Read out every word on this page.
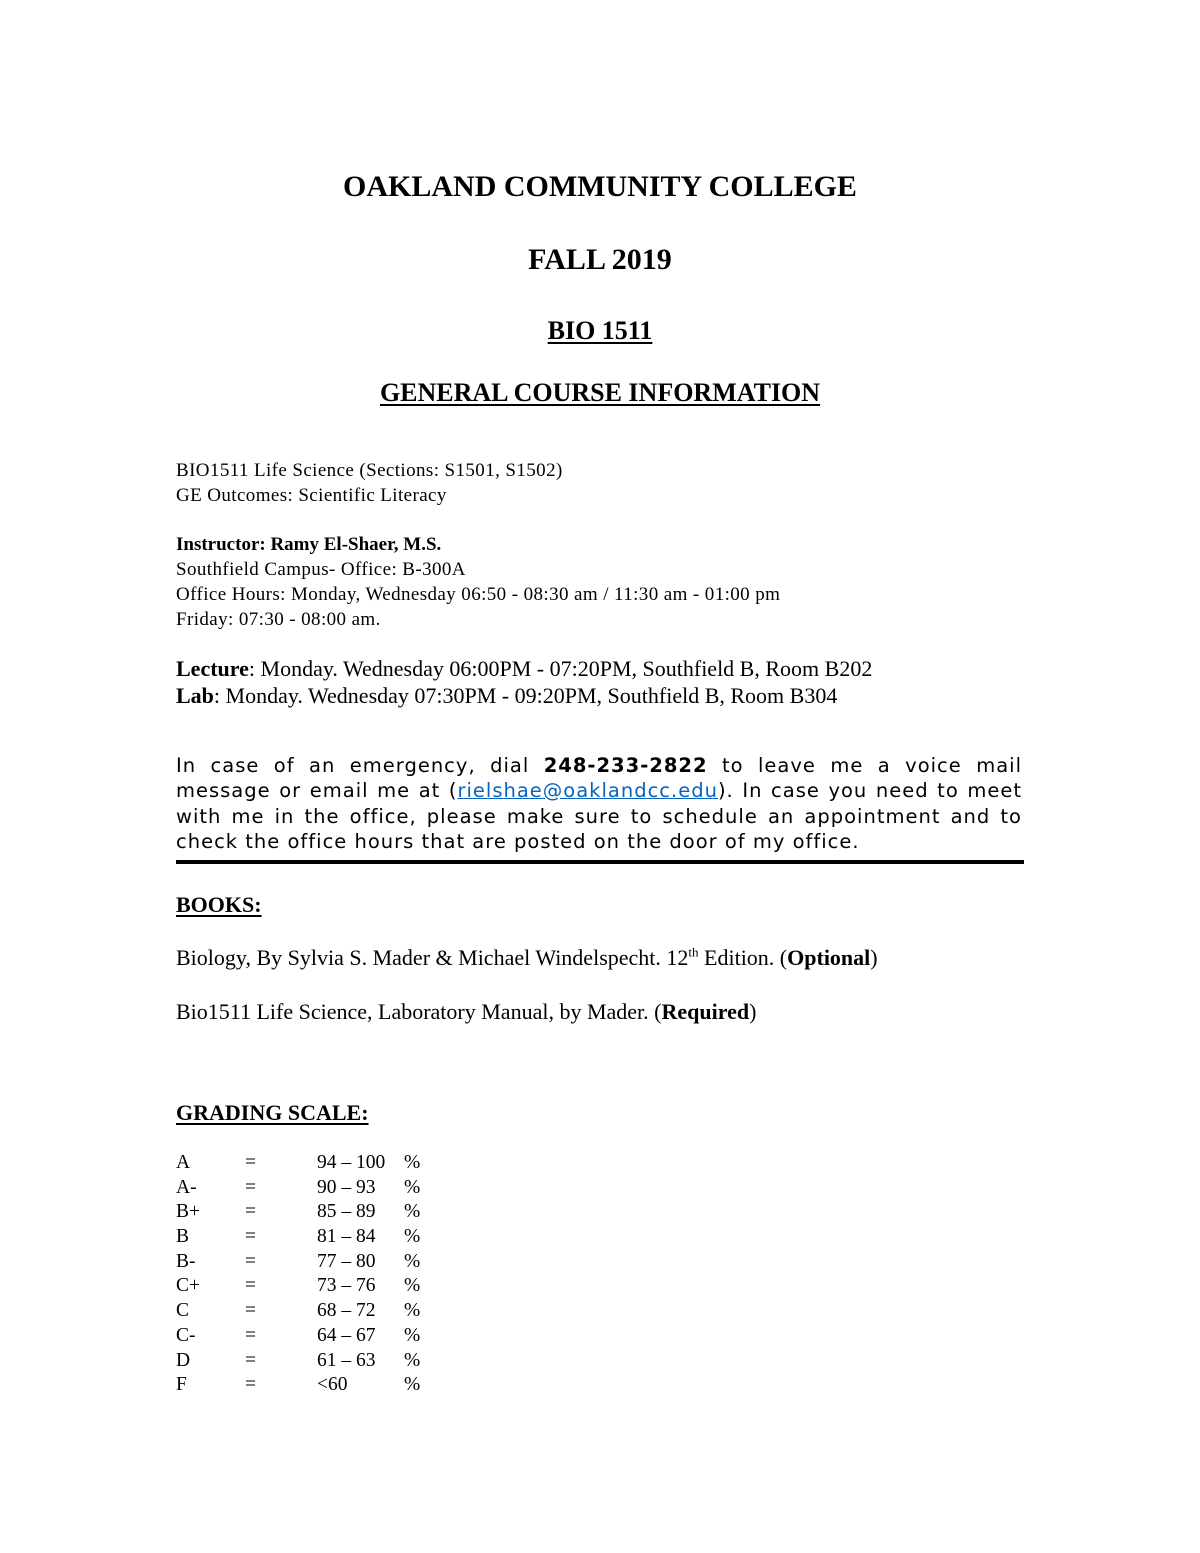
OAKLAND COMMUNITY COLLEGE
FALL 2019
BIO 1511
GENERAL COURSE INFORMATION
BIO1511 Life Science (Sections: S1501, S1502)
GE Outcomes: Scientific Literacy
Instructor: Ramy El-Shaer, M.S.
Southfield Campus- Office: B-300A
Office Hours: Monday, Wednesday 06:50 - 08:30 am / 11:30 am - 01:00 pm
Friday: 07:30 - 08:00 am.
Lecture: Monday. Wednesday 06:00PM - 07:20PM, Southfield B, Room B202
Lab: Monday. Wednesday 07:30PM - 09:20PM, Southfield B, Room B304

In case of an emergency, dial 248-233-2822 to leave me a voice mail message or email me at (rielshae@oaklandcc.edu). In case you need to meet with me in the office, please make sure to schedule an appointment and to check the office hours that are posted on the door of my office.

BOOKS:
Biology, By Sylvia S. Mader & Michael Windelspecht. 12th Edition. (Optional)
Bio1511 Life Science, Laboratory Manual, by Mader. (Required)
GRADING SCALE:
A	=	94 – 100 %
A- =	90 – 93 %
B+ =	85 – 89 %
B	=	81 – 84 %
B-	=	77 – 80 %
C+ =	73 – 76 %
C	=	68 – 72 %
C-	=	64 – 67 %
D	=	61 – 63 %
F	=	<60	%
